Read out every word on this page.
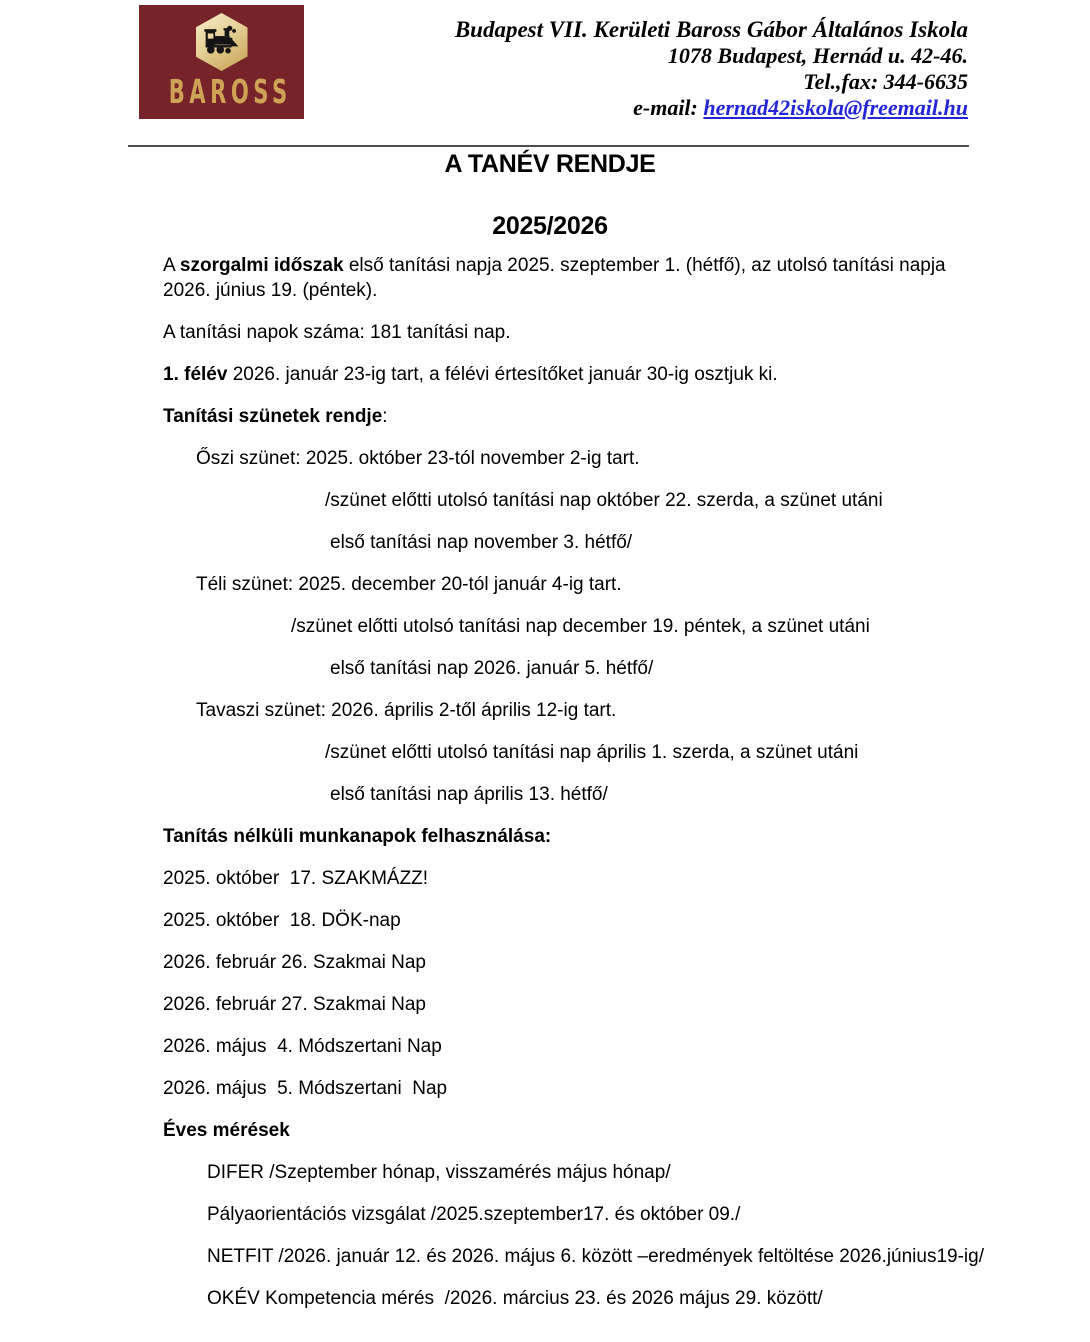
BAROSS
Budapest VII. Kerületi Baross Gábor Általános Iskola
1078 Budapest, Hernád u. 42-46.
Tel.,fax: 344-6635
e-mail: hernad42iskola@freemail.hu
A TANÉV RENDJE
2025/2026

A szorgalmi időszak első tanítási napja 2025. szeptember 1. (hétfő), az utolsó tanítási napja 2026. június 19. (péntek).

A tanítási napok száma: 181 tanítási nap.

1. félév 2026. január 23-ig tart, a félévi értesítőket január 30-ig osztjuk ki.

Tanítási szünetek rendje:

Őszi szünet: 2025. október 23-tól november 2-ig tart.

/szünet előtti utolsó tanítási nap október 22. szerda, a szünet utáni

első tanítási nap november 3. hétfő/

Téli szünet: 2025. december 20-tól január 4-ig tart.

/szünet előtti utolsó tanítási nap december 19. péntek, a szünet utáni

első tanítási nap 2026. január 5. hétfő/

Tavaszi szünet: 2026. április 2-től április 12-ig tart.

/szünet előtti utolsó tanítási nap április 1. szerda, a szünet utáni

első tanítási nap április 13. hétfő/

Tanítás nélküli munkanapok felhasználása:

2025. október  17. SZAKMÁZZ!

2025. október  18. DÖK-nap

2026. február 26. Szakmai Nap

2026. február 27. Szakmai Nap

2026. május  4. Módszertani Nap

2026. május  5. Módszertani  Nap

Éves mérések

DIFER /Szeptember hónap, visszamérés május hónap/

Pályaorientációs vizsgálat /2025.szeptember17. és október 09./

NETFIT /2026. január 12. és 2026. május 6. között –eredmények feltöltése 2026.június19-ig/

OKÉV Kompetencia mérés  /2026. március 23. és 2026 május 29. között/
